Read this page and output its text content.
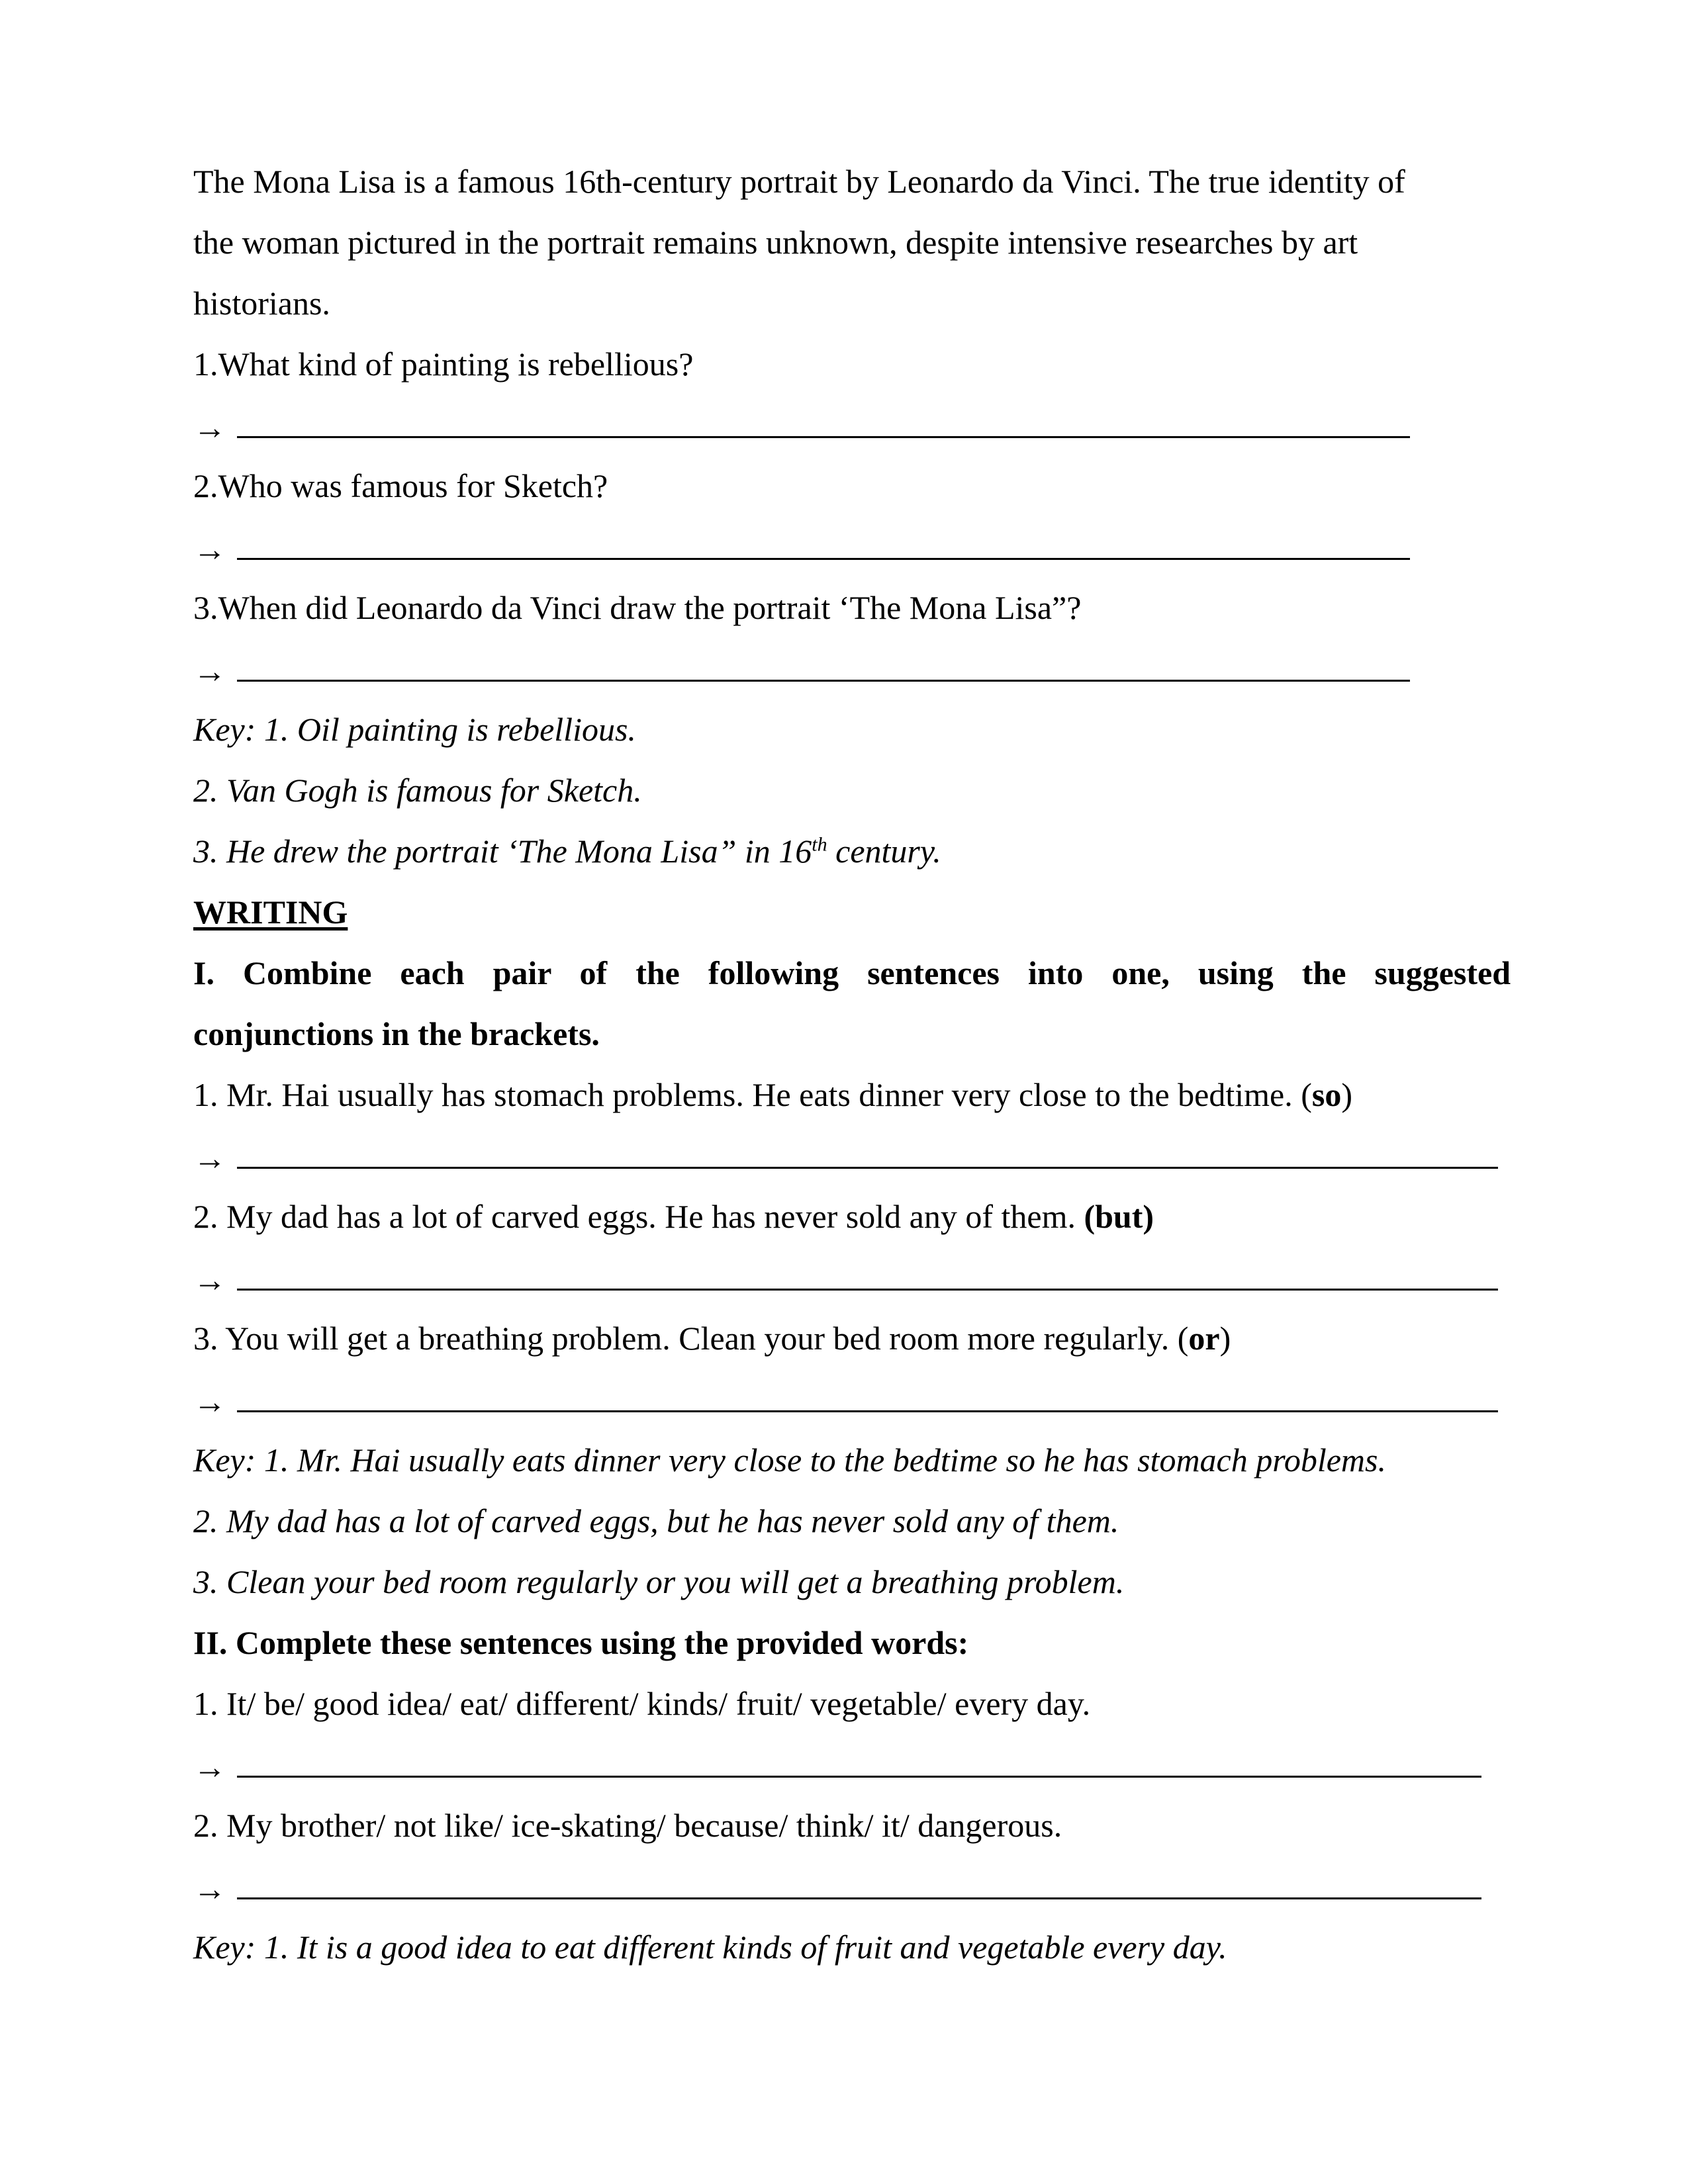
The Mona Lisa is a famous 16th-century portrait by Leonardo da Vinci. The true identity of
the woman pictured in the portrait remains unknown, despite intensive researches by art
historians.
1.What kind of painting is rebellious?
→
2.Who was famous for Sketch?
→
3.When did Leonardo da Vinci draw the portrait ‘The Mona Lisa”?
→
Key: 1. Oil painting is rebellious.
2. Van Gogh is famous for Sketch.
3. He drew the portrait ‘The Mona Lisa” in 16th century.
WRITING
I. Combine each pair of the following sentences into one, using the suggested
conjunctions in the brackets.
1. Mr. Hai usually has stomach problems. He eats dinner very close to the bedtime. (so)
→
2. My dad has a lot of carved eggs. He has never sold any of them. (but)
→
3. You will get a breathing problem. Clean your bed room more regularly. (or)
→
Key: 1. Mr. Hai usually eats dinner very close to the bedtime so he has stomach problems.
2. My dad has a lot of carved eggs, but he has never sold any of them.
3. Clean your bed room regularly or you will get a breathing problem.
II. Complete these sentences using the provided words:
1. It/ be/ good idea/ eat/ different/ kinds/ fruit/ vegetable/ every day.
→
2. My brother/ not like/ ice-skating/ because/ think/ it/ dangerous.
→
Key: 1. It is a good idea to eat different kinds of fruit and vegetable every day.
